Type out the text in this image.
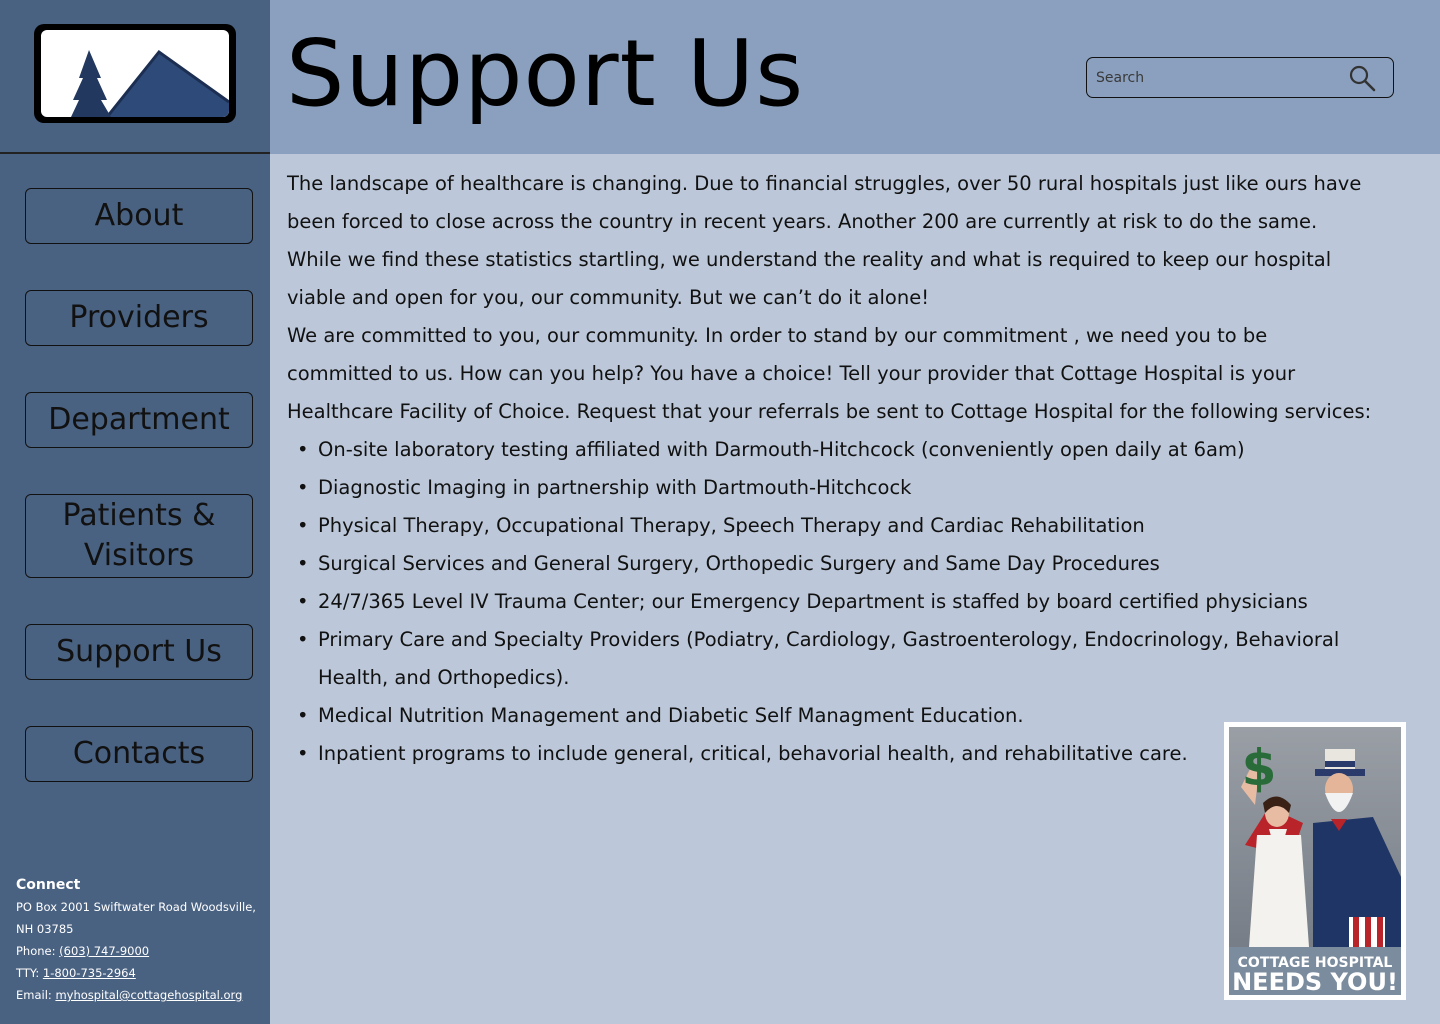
About
Providers
Department
Patients & Visitors
Support Us
Contacts
Connect
PO Box 2001 Swiftwater Road Woodsville, NH 03785
Phone: (603) 747-9000
TTY: 1-800-735-2964
Email: myhospital@cottagehospital.org
Support Us
Search

The landscape of healthcare is changing. Due to financial struggles, over 50 rural hospitals just like ours have been forced to close across the country in recent years. Another 200 are currently at risk to do the same. While we find these statistics startling, we understand the reality and what is required to keep our hospital viable and open for you, our community. But we can’t do it alone!

We are committed to you, our community. In order to stand by our commitment , we need you to be committed to us. How can you help? You have a choice! Tell your provider that Cottage Hospital is your Healthcare Facility of Choice. Request that your referrals be sent to Cottage Hospital for the following services:

• On-site laboratory testing affiliated with Darmouth-Hitchcock (conveniently open daily at 6am)
• Diagnostic Imaging in partnership with Dartmouth-Hitchcock
• Physical Therapy, Occupational Therapy, Speech Therapy and Cardiac Rehabilitation
• Surgical Services and General Surgery, Orthopedic Surgery and Same Day Procedures
• 24/7/365 Level IV Trauma Center; our Emergency Department is staffed by board certified physicians
• Primary Care and Specialty Providers (Podiatry, Cardiology, Gastroenterology, Endocrinology, Behavioral Health, and Orthopedics).
• Medical Nutrition Management and Diabetic Self Managment Education.
• Inpatient programs to include general, critical, behavorial health, and rehabilitative care.	$
COTTAGE HOSPITAL
NEEDS YOU!
